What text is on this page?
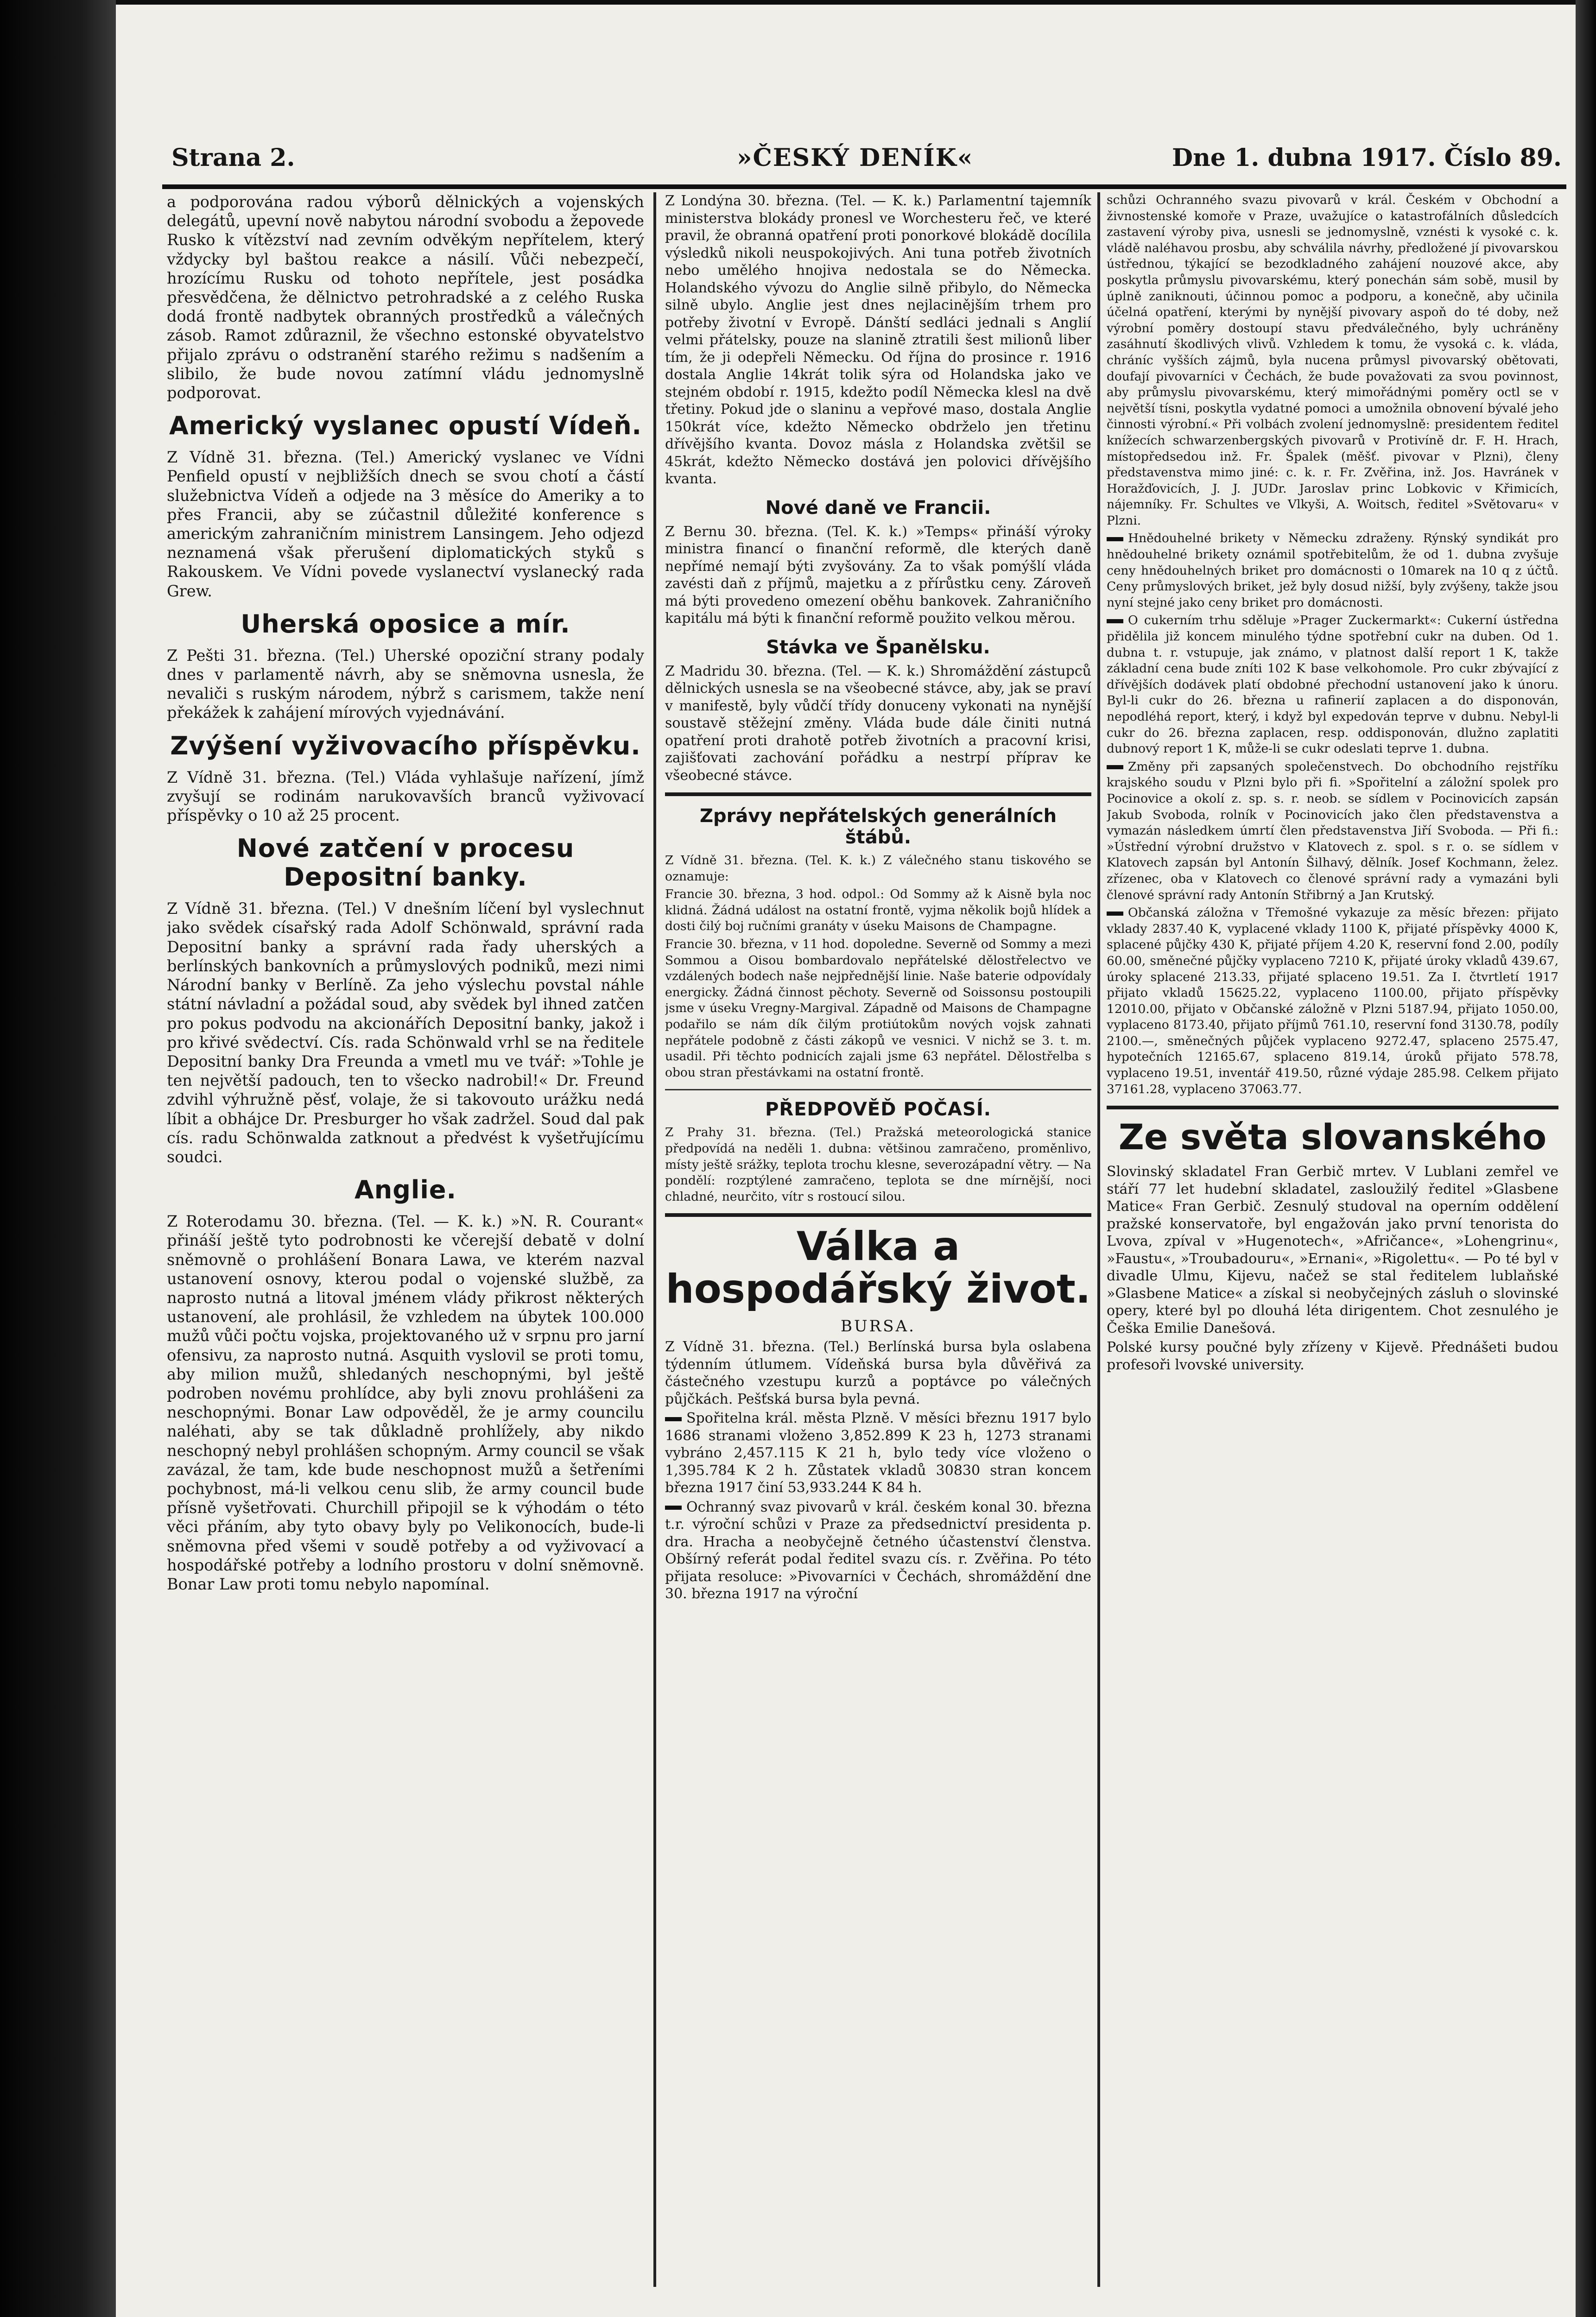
Strana 2.	»ČESKÝ DENÍK«	Dne 1. dubna 1917. Číslo 89.

a podporována radou výborů dělnických a vojenských delegátů, upevní nově nabytou národní svobodu a žepovede Rusko k vítězství nad zevním odvěkým nepřítelem, který vždycky byl baštou reakce a násilí. Vůči nebezpečí, hrozícímu Rusku od tohoto nepřítele, jest posádka přesvědčena, že dělnictvo petrohradské a z celého Ruska dodá frontě nadbytek obranných prostředků a válečných zásob. Ramot zdůraznil, že všechno estonské obyvatelstvo přijalo zprávu o odstranění starého režimu s nadšením a slibilo, že bude novou zatímní vládu jednomyslně podporovat.

Americký vyslanec opustí Vídeň.

Z Vídně 31. března. (Tel.) Americký vyslanec ve Vídni Penfield opustí v nejbližších dnech se svou chotí a částí služebnictva Vídeň a odjede na 3 měsíce do Ameriky a to přes Francii, aby se zúčastnil důležité konference s americkým zahraničním ministrem Lansingem. Jeho odjezd neznamená však přerušení diplomatických styků s Rakouskem. Ve Vídni povede vyslanectví vyslanecký rada Grew.

Uherská oposice a mír.

Z Pešti 31. března. (Tel.) Uherské opoziční strany podaly dnes v parlamentě návrh, aby se sněmovna usnesla, že nevaliči s ruským národem, nýbrž s carismem, takže není překážek k zahájení mírových vyjednávání.

Zvýšení vyživovacího příspěvku.

Z Vídně 31. března. (Tel.) Vláda vyhlašuje nařízení, jímž zvyšují se rodinám narukovavších branců vyživovací příspěvky o 10 až 25 procent.

Nové zatčení v procesu Depositní banky.

Z Vídně 31. března. (Tel.) V dnešním líčení byl vyslechnut jako svědek císařský rada Adolf Schönwald, správní rada Depositní banky a správní rada řady uherských a berlínských bankovních a průmyslových podniků, mezi nimi Národní banky v Berlíně. Za jeho výslechu povstal náhle státní návladní a požádal soud, aby svědek byl ihned zatčen pro pokus podvodu na akcionářích Depositní banky, jakož i pro křivé svědectví. Cís. rada Schönwald vrhl se na ředitele Depositní banky Dra Freunda a vmetl mu ve tvář: »Tohle je ten největší padouch, ten to všecko nadrobil!« Dr. Freund zdvihl výhružně pěsť, volaje, že si takovouto urážku nedá líbit a obhájce Dr. Presburger ho však zadržel. Soud dal pak cís. radu Schönwalda zatknout a předvést k vyšetřujícímu soudci.

Anglie.

Z Roterodamu 30. března. (Tel. — K. k.) »N. R. Courant« přináší ještě tyto podrobnosti ke včerejší debatě v dolní sněmovně o prohlášení Bonara Lawa, ve kterém nazval ustanovení osnovy, kterou podal o vojenské službě, za naprosto nutná a litoval jménem vlády přikrost některých ustanovení, ale prohlásil, že vzhledem na úbytek 100.000 mužů vůči počtu vojska, projektovaného už v srpnu pro jarní ofensivu, za naprosto nutná. Asquith vyslovil se proti tomu, aby milion mužů, shledaných neschopnými, byl ještě podroben novému prohlídce, aby byli znovu prohlášeni za neschopnými. Bonar Law odpověděl, že je army councilu naléhati, aby se tak důkladně prohlížely, aby nikdo neschopný nebyl prohlášen schopným. Army council se však zavázal, že tam, kde bude neschopnost mužů a šetřeními pochybnost, má-li velkou cenu slib, že army council bude přísně vyšetřovati. Churchill připojil se k výhodám o této věci přáním, aby tyto obavy byly po Velikonocích, bude-li sněmovna před všemi v soudě potřeby a od vyživovací a hospodářské potřeby a lodního prostoru v dolní sněmovně. Bonar Law proti tomu nebylo napomínal.

Z Londýna 30. března. (Tel. — K. k.) Parlamentní tajemník ministerstva blokády pronesl ve Worchesteru řeč, ve které pravil, že obranná opatření proti ponorkové blokádě docílila výsledků nikoli neuspokojivých. Ani tuna potřeb životních nebo umělého hnojiva nedostala se do Německa. Holandského vývozu do Anglie silně přibylo, do Německa silně ubylo. Anglie jest dnes nejlacinějším trhem pro potřeby životní v Evropě. Dánští sedláci jednali s Anglií velmi přátelsky, pouze na slanině ztratili šest milionů liber tím, že ji odepřeli Německu. Od října do prosince r. 1916 dostala Anglie 14krát tolik sýra od Holandska jako ve stejném období r. 1915, kdežto podíl Německa klesl na dvě třetiny. Pokud jde o slaninu a vepřové maso, dostala Anglie 150krát více, kdežto Německo obdrželo jen třetinu dřívějšího kvanta. Dovoz másla z Holandska zvětšil se 45krát, kdežto Německo dostává jen polovici dřívějšího kvanta.

Nové daně ve Francii.

Z Bernu 30. března. (Tel. K. k.) »Temps« přináší výroky ministra financí o finanční reformě, dle kterých daně nepřímé nemají býti zvyšovány. Za to však pomýšlí vláda zavésti daň z příjmů, majetku a z přírůstku ceny. Zároveň má býti provedeno omezení oběhu bankovek. Zahraničního kapitálu má býti k finanční reformě použito velkou měrou.

Stávka ve Španělsku.

Z Madridu 30. března. (Tel. — K. k.) Shromáždění zástupců dělnických usnesla se na všeobecné stávce, aby, jak se praví v manifestě, byly vůdčí třídy donuceny vykonati na nynější soustavě stěžejní změny. Vláda bude dále činiti nutná opatření proti drahotě potřeb životních a pracovní krisi, zajišťovati zachování pořádku a nestrpí příprav ke všeobecné stávce.

Zprávy nepřátelských generálních štábů.

Z Vídně 31. března. (Tel. K. k.) Z válečného stanu tiskového se oznamuje:

Francie 30. března, 3 hod. odpol.: Od Sommy až k Aisně byla noc klidná. Žádná událost na ostatní frontě, vyjma několik bojů hlídek a dosti čilý boj ručními granáty v úseku Maisons de Champagne.

Francie 30. března, v 11 hod. dopoledne. Severně od Sommy a mezi Sommou a Oisou bombardovalo nepřátelské dělostřelectvo ve vzdálených bodech naše nejpřednější linie. Naše baterie odpovídaly energicky. Žádná činnost pěchoty. Severně od Soissonsu postoupili jsme v úseku Vregny-Margival. Západně od Maisons de Champagne podařilo se nám dík čilým protiútokům nových vojsk zahnati nepřátele podobně z části zákopů ve vesnici. V nichž se 3. t. m. usadil. Při těchto podnicích zajali jsme 63 nepřátel. Dělostřelba s obou stran přestávkami na ostatní frontě.

PŘEDPOVĚĎ POČASÍ.

Z Prahy 31. března. (Tel.) Pražská meteorologická stanice předpovídá na neděli 1. dubna: většinou zamračeno, proměnlivo, místy ještě srážky, teplota trochu klesne, severozápadní větry. — Na pondělí: rozptýlené zamračeno, teplota se dne mírnější, noci chladné, neurčito, vítr s rostoucí silou.

Válka a hospodářský život.
BURSA.

Z Vídně 31. března. (Tel.) Berlínská bursa byla oslabena týdenním útlumem. Vídeňská bursa byla důvěřivá za částečného vzestupu kurzů a poptávce po válečných půjčkách. Pešťská bursa byla pevná.

Spořitelna král. města Plzně. V měsíci březnu 1917 bylo 1686 stranami vloženo 3,852.899 K 23 h, 1273 stranami vybráno 2,457.115 K 21 h, bylo tedy více vloženo o 1,395.784 K 2 h. Zůstatek vkladů 30830 stran koncem března 1917 činí 53,933.244 K 84 h.

Ochranný svaz pivovarů v král. českém konal 30. března t.r. výroční schůzi v Praze za předsednictví presidenta p. dra. Hracha a neobyčejně četného účastenství členstva. Obšírný referát podal ředitel svazu cís. r. Zvěřina. Po této přijata resoluce: »Pivovarníci v Čechách, shromáždění dne 30. března 1917 na výroční

schůzi Ochranného svazu pivovarů v král. Českém v Obchodní a živnostenské komoře v Praze, uvažujíce o katastrofálních důsledcích zastavení výroby piva, usnesli se jednomyslně, vznésti k vysoké c. k. vládě naléhavou prosbu, aby schválila návrhy, předložené jí pivovarskou ústřednou, týkající se bezodkladného zahájení nouzové akce, aby poskytla průmyslu pivovarskému, který ponechán sám sobě, musil by úplně zaniknouti, účinnou pomoc a podporu, a konečně, aby učinila účelná opatření, kterými by nynější pivovary aspoň do té doby, než výrobní poměry dostoupí stavu předválečného, byly uchráněny zasáhnutí škodlivých vlivů. Vzhledem k tomu, že vysoká c. k. vláda, chráníc vyšších zájmů, byla nucena průmysl pivovarský obětovati, doufají pivovarníci v Čechách, že bude považovati za svou povinnost, aby průmyslu pivovarskému, který mimořádnými poměry octl se v největší tísni, poskytla vydatné pomoci a umožnila obnovení bývalé jeho činnosti výrobní.« Při volbách zvolení jednomyslně: presidentem ředitel knížecích schwarzenbergských pivovarů v Protivíně dr. F. H. Hrach, místopředsedou inž. Fr. Špalek (měšť. pivovar v Plzni), členy představenstva mimo jiné: c. k. r. Fr. Zvěřina, inž. Jos. Havránek v Horažďovicích, J. J. JUDr. Jaroslav princ Lobkovic v Křimicích, nájemníky. Fr. Schultes ve Vlkyši, A. Woitsch, ředitel »Světovaru« v Plzni.

Hnědouhelné brikety v Německu zdraženy. Rýnský syndikát pro hnědouhelné brikety oznámil spotřebitelům, že od 1. dubna zvyšuje ceny hnědouhelných briket pro domácnosti o 10marek na 10 q z účtů. Ceny průmyslových briket, jež byly dosud nižší, byly zvýšeny, takže jsou nyní stejné jako ceny briket pro domácnosti.

O cukerním trhu sděluje »Prager Zuckermarkt«: Cukerní ústředna přidělila již koncem minulého týdne spotřební cukr na duben. Od 1. dubna t. r. vstupuje, jak známo, v platnost další report 1 K, takže základní cena bude zníti 102 K base velkohomole. Pro cukr zbývající z dřívějších dodávek platí obdobné přechodní ustanovení jako k únoru. Byl-li cukr do 26. března u rafinerií zaplacen a do disponován, nepodléhá report, který, i když byl expedován teprve v dubnu. Nebyl-li cukr do 26. března zaplacen, resp. oddisponován, dlužno zaplatiti dubnový report 1 K, může-li se cukr odeslati teprve 1. dubna.

Změny při zapsaných společenstvech. Do obchodního rejstříku krajského soudu v Plzni bylo při fi. »Spořitelní a záložní spolek pro Pocinovice a okolí z. sp. s. r. neob. se sídlem v Pocinovicích zapsán Jakub Svoboda, rolník v Pocinovicích jako člen představenstva a vymazán následkem úmrtí člen představenstva Jiří Svoboda. — Při fi.: »Ústřední výrobní družstvo v Klatovech z. spol. s r. o. se sídlem v Klatovech zapsán byl Antonín Šilhavý, dělník. Josef Kochmann, želez. zřízenec, oba v Klatovech co členové správní rady a vymazáni byli členové správní rady Antonín Střibrný a Jan Krutský.

Občanská záložna v Třemošné vykazuje za měsíc březen: přijato vklady 2837.40 K, vyplacené vklady 1100 K, přijaté příspěvky 4000 K, splacené půjčky 430 K, přijaté příjem 4.20 K, reservní fond 2.00, podíly 60.00, směnečné půjčky vyplaceno 7210 K, přijaté úroky vkladů 439.67, úroky splacené 213.33, přijaté splaceno 19.51. Za I. čtvrtletí 1917 přijato vkladů 15625.22, vyplaceno 1100.00, přijato příspěvky 12010.00, přijato v Občanské záložně v Plzni 5187.94, přijato 1050.00, vyplaceno 8173.40, přijato příjmů 761.10, reservní fond 3130.78, podíly 2100.—, směnečných půjček vyplaceno 9272.47, splaceno 2575.47, hypotečních 12165.67, splaceno 819.14, úroků přijato 578.78, vyplaceno 19.51, inventář 419.50, různé výdaje 285.98. Celkem přijato 37161.28, vyplaceno 37063.77.

Ze světa slovanského

Slovinský skladatel Fran Gerbič mrtev. V Lublani zemřel ve stáří 77 let hudební skladatel, zasloužilý ředitel »Glasbene Matice« Fran Gerbič. Zesnulý studoval na operním oddělení pražské konservatoře, byl engažován jako první tenorista do Lvova, zpíval v »Hugenotech«, »Afričance«, »Lohengrinu«, »Faustu«, »Troubadouru«, »Ernani«, »Rigolettu«. — Po té byl v divadle Ulmu, Kijevu, načež se stal ředitelem lublaňské »Glasbene Matice« a získal si neobyčejných zásluh o slovinské opery, které byl po dlouhá léta dirigentem. Chot zesnulého je Češka Emilie Danešová.

Polské kursy poučné byly zřízeny v Kijevě. Přednášeti budou profesoři lvovské university.
